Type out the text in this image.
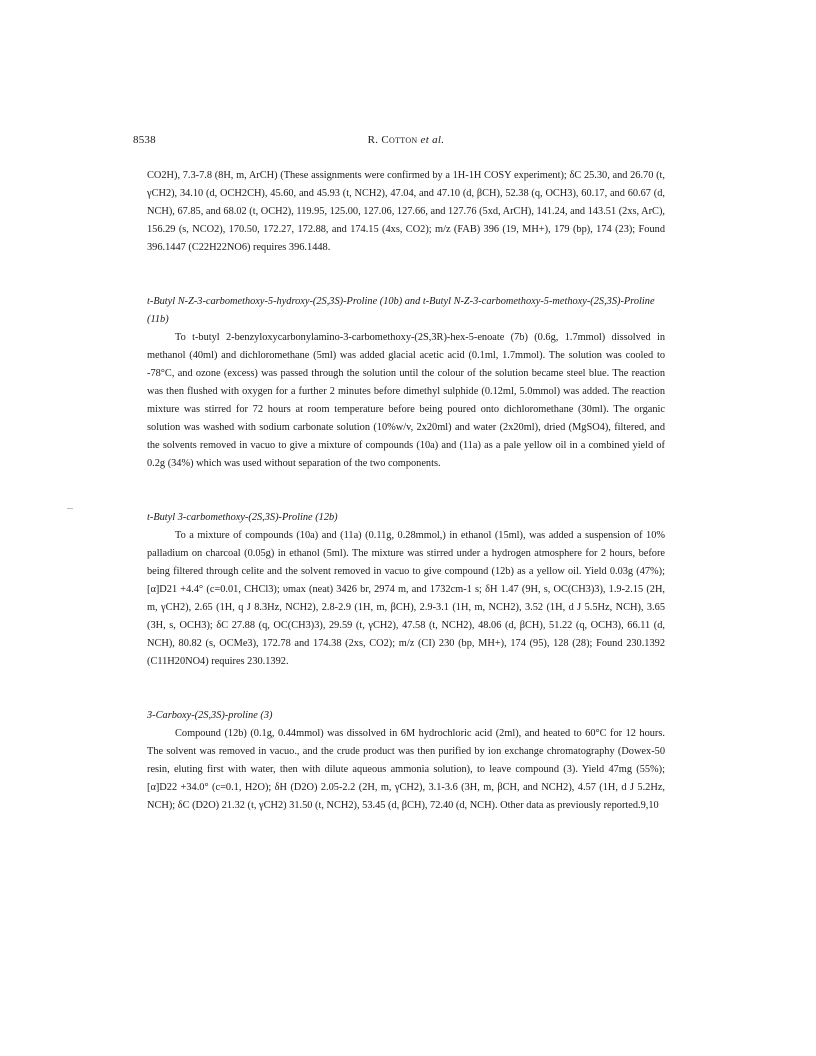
8538	R. Cotton et al.

CO2H), 7.3-7.8 (8H, m, ArCH) (These assignments were confirmed by a 1H-1H COSY experiment); δC 25.30, and 26.70 (t, γCH2), 34.10 (d, OCH2CH), 45.60, and 45.93 (t, NCH2), 47.04, and 47.10 (d, βCH), 52.38 (q, OCH3), 60.17, and 60.67 (d, NCH), 67.85, and 68.02 (t, OCH2), 119.95, 125.00, 127.06, 127.66, and 127.76 (5xd, ArCH), 141.24, and 143.51 (2xs, ArC), 156.29 (s, NCO2), 170.50, 172.27, 172.88, and 174.15 (4xs, CO2); m/z (FAB) 396 (19, MH+), 179 (bp), 174 (23); Found 396.1447 (C22H22NO6) requires 396.1448.

t-Butyl N-Z-3-carbomethoxy-5-hydroxy-(2S,3S)-Proline (10b) and t-Butyl N-Z-3-carbomethoxy-5-methoxy-(2S,3S)-Proline (11b)

To t-butyl 2-benzyloxycarbonylamino-3-carbomethoxy-(2S,3R)-hex-5-enoate (7b) (0.6g, 1.7mmol) dissolved in methanol (40ml) and dichloromethane (5ml) was added glacial acetic acid (0.1ml, 1.7mmol). The solution was cooled to -78°C, and ozone (excess) was passed through the solution until the colour of the solution became steel blue. The reaction was then flushed with oxygen for a further 2 minutes before dimethyl sulphide (0.12ml, 5.0mmol) was added. The reaction mixture was stirred for 72 hours at room temperature before being poured onto dichloromethane (30ml). The organic solution was washed with sodium carbonate solution (10%w/v, 2x20ml) and water (2x20ml), dried (MgSO4), filtered, and the solvents removed in vacuo to give a mixture of compounds (10a) and (11a) as a pale yellow oil in a combined yield of 0.2g (34%) which was used without separation of the two components.

t-Butyl 3-carbomethoxy-(2S,3S)-Proline (12b)

To a mixture of compounds (10a) and (11a) (0.11g, 0.28mmol,) in ethanol (15ml), was added a suspension of 10% palladium on charcoal (0.05g) in ethanol (5ml). The mixture was stirred under a hydrogen atmosphere for 2 hours, before being filtered through celite and the solvent removed in vacuo to give compound (12b) as a yellow oil. Yield 0.03g (47%); [α]D21 +4.4° (c=0.01, CHCl3); υmax (neat) 3426 br, 2974 m, and 1732cm-1 s; δH 1.47 (9H, s, OC(CH3)3), 1.9-2.15 (2H, m, γCH2), 2.65 (1H, q J 8.3Hz, NCH2), 2.8-2.9 (1H, m, βCH), 2.9-3.1 (1H, m, NCH2), 3.52 (1H, d J 5.5Hz, NCH), 3.65 (3H, s, OCH3); δC 27.88 (q, OC(CH3)3), 29.59 (t, γCH2), 47.58 (t, NCH2), 48.06 (d, βCH), 51.22 (q, OCH3), 66.11 (d, NCH), 80.82 (s, OCMe3), 172.78 and 174.38 (2xs, CO2); m/z (CI) 230 (bp, MH+), 174 (95), 128 (28); Found 230.1392 (C11H20NO4) requires 230.1392.

3-Carboxy-(2S,3S)-proline (3)

Compound (12b) (0.1g, 0.44mmol) was dissolved in 6M hydrochloric acid (2ml), and heated to 60°C for 12 hours. The solvent was removed in vacuo., and the crude product was then purified by ion exchange chromatography (Dowex-50 resin, eluting first with water, then with dilute aqueous ammonia solution), to leave compound (3). Yield 47mg (55%); [α]D22 +34.0° (c=0.1, H2O); δH (D2O) 2.05-2.2 (2H, m, γCH2), 3.1-3.6 (3H, m, βCH, and NCH2), 4.57 (1H, d J 5.2Hz, NCH); δC (D2O) 21.32 (t, γCH2) 31.50 (t, NCH2), 53.45 (d, βCH), 72.40 (d, NCH). Other data as previously reported.9,10
